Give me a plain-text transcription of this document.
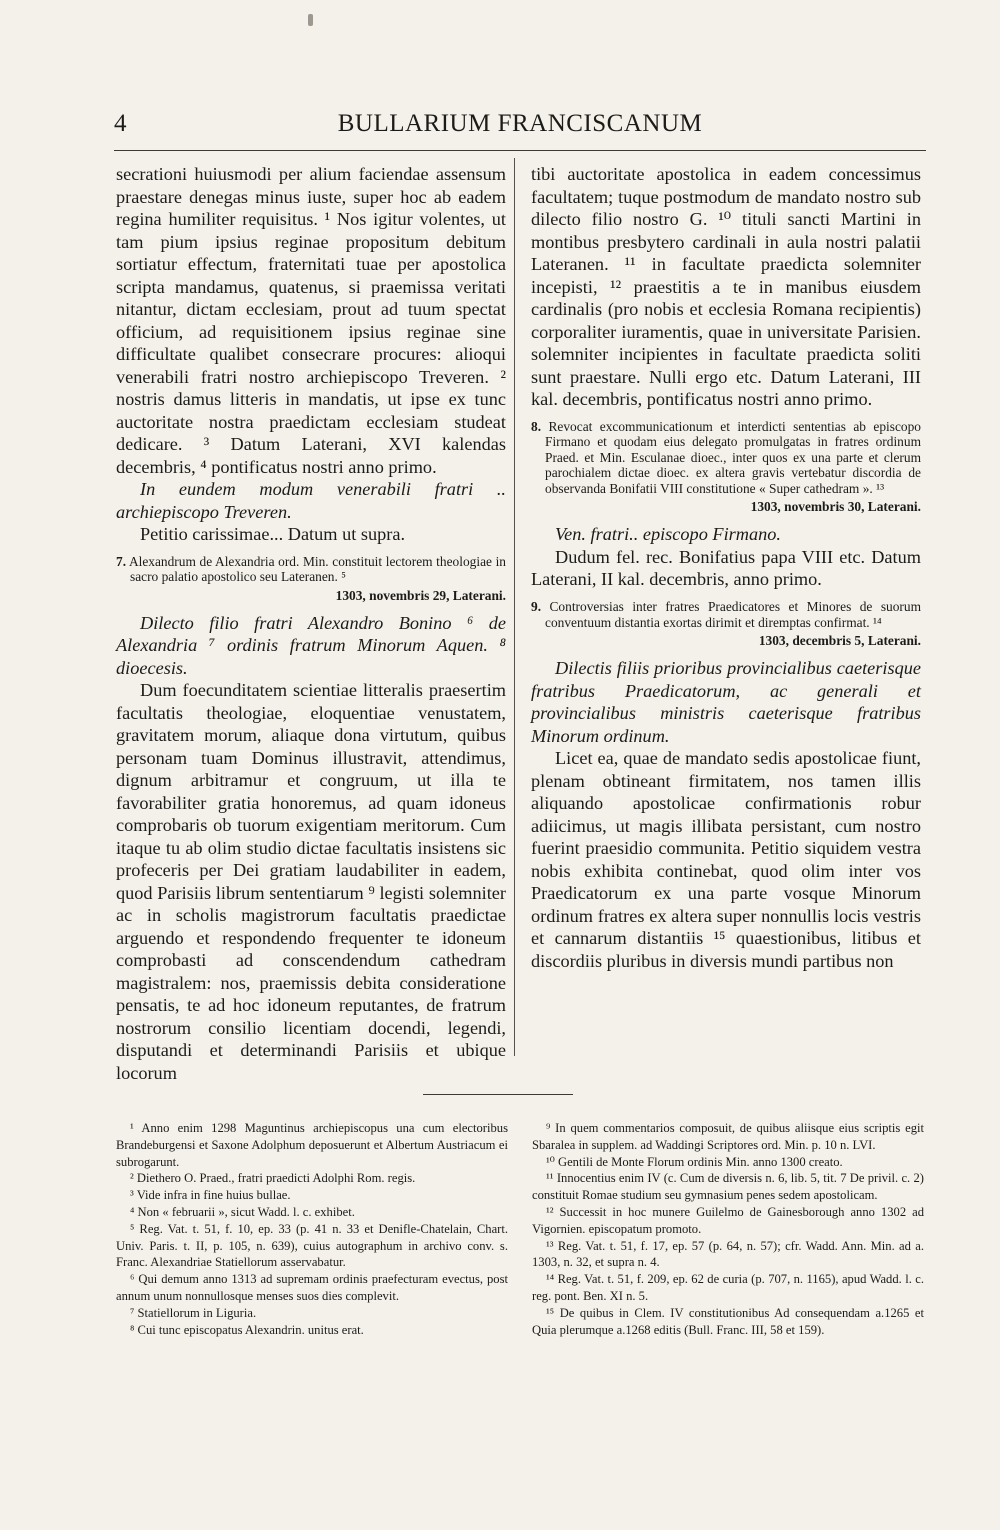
4	BULLARIUM FRANCISCANUM

secrationi huiusmodi per alium faciendae assensum praestare denegas minus iuste, super hoc ab eadem regina humiliter requisitus. ¹ Nos igitur volentes, ut tam pium ipsius reginae propositum debitum sortiatur effectum, fraternitati tuae per apostolica scripta mandamus, quatenus, si praemissa veritati nitantur, dictam ecclesiam, prout ad tuum spectat officium, ad requisitionem ipsius reginae sine difficultate qualibet consecrare procures: alioqui venerabili fratri nostro archiepiscopo Treveren. ² nostris damus litteris in mandatis, ut ipse ex tunc auctoritate nostra praedictam ecclesiam studeat dedicare. ³ Datum Laterani, XVI kalendas decembris, ⁴ pontificatus nostri anno primo.

In eundem modum venerabili fratri .. archiepiscopo Treveren.

Petitio carissimae... Datum ut supra.

7. Alexandrum de Alexandria ord. Min. constituit lectorem theologiae in sacro palatio apostolico seu Lateranen. ⁵
1303, novembris 29, Laterani.

Dilecto filio fratri Alexandro Bonino ⁶ de Alexandria ⁷ ordinis fratrum Minorum Aquen. ⁸ dioecesis.

Dum foecunditatem scientiae litteralis praesertim facultatis theologiae, eloquentiae venustatem, gravitatem morum, aliaque dona virtutum, quibus personam tuam Dominus illustravit, attendimus, dignum arbitramur et congruum, ut illa te favorabiliter gratia honoremus, ad quam idoneus comprobaris ob tuorum exigentiam meritorum. Cum itaque tu ab olim studio dictae facultatis insistens sic profeceris per Dei gratiam laudabiliter in eadem, quod Parisiis librum sententiarum ⁹ legisti solemniter ac in scholis magistrorum facultatis praedictae arguendo et respondendo frequenter te idoneum comprobasti ad conscendendum cathedram magistralem: nos, praemissis debita consideratione pensatis, te ad hoc idoneum reputantes, de fratrum nostrorum consilio licentiam docendi, legendi, disputandi et determinandi Parisiis et ubique locorum

tibi auctoritate apostolica in eadem concessimus facultatem; tuque postmodum de mandato nostro sub dilecto filio nostro G. ¹⁰ tituli sancti Martini in montibus presbytero cardinali in aula nostri palatii Lateranen. ¹¹ in facultate praedicta solemniter incepisti, ¹² praestitis a te in manibus eiusdem cardinalis (pro nobis et ecclesia Romana recipientis) corporaliter iuramentis, quae in universitate Parisien. solemniter incipientes in facultate praedicta soliti sunt praestare. Nulli ergo etc. Datum Laterani, III kal. decembris, pontificatus nostri anno primo.

8. Revocat excommunicationum et interdicti sententias ab episcopo Firmano et quodam eius delegato promulgatas in fratres ordinum Praed. et Min. Esculanae dioec., inter quos ex una parte et clerum parochialem dictae dioec. ex altera gravis vertebatur discordia de observanda Bonifatii VIII constitutione « Super cathedram ». ¹³
1303, novembris 30, Laterani.

Ven. fratri.. episcopo Firmano.

Dudum fel. rec. Bonifatius papa VIII etc. Datum Laterani, II kal. decembris, anno primo.

9. Controversias inter fratres Praedicatores et Minores de suorum conventuum distantia exortas dirimit et diremptas confirmat. ¹⁴
1303, decembris 5, Laterani.

Dilectis filiis prioribus provincialibus caeterisque fratribus Praedicatorum, ac generali et provincialibus ministris caeterisque fratribus Minorum ordinum.

Licet ea, quae de mandato sedis apostolicae fiunt, plenam obtineant firmitatem, nos tamen illis aliquando apostolicae confirmationis robur adiicimus, ut magis illibata persistant, cum nostro fuerint praesidio communita. Petitio siquidem vestra nobis exhibita continebat, quod olim inter vos Praedicatorum ex una parte vosque Minorum ordinum fratres ex altera super nonnullis locis vestris et cannarum distantiis ¹⁵ quaestionibus, litibus et discordiis pluribus in diversis mundi partibus non

¹ Anno enim 1298 Maguntinus archiepiscopus una cum electoribus Brandeburgensi et Saxone Adolphum deposuerunt et Albertum Austriacum ei subrogarunt.

² Diethero O. Praed., fratri praedicti Adolphi Rom. regis.

³ Vide infra in fine huius bullae.

⁴ Non « februarii », sicut Wadd. l. c. exhibet.

⁵ Reg. Vat. t. 51, f. 10, ep. 33 (p. 41 n. 33 et Denifle-Chatelain, Chart. Univ. Paris. t. II, p. 105, n. 639), cuius autographum in archivo conv. s. Franc. Alexandriae Statiellorum asservabatur.

⁶ Qui demum anno 1313 ad supremam ordinis praefecturam evectus, post annum unum nonnullosque menses suos dies complevit.

⁷ Statiellorum in Liguria.

⁸ Cui tunc episcopatus Alexandrin. unitus erat.

⁹ In quem commentarios composuit, de quibus aliisque eius scriptis egit Sbaralea in supplem. ad Waddingi Scriptores ord. Min. p. 10 n. LVI.

¹⁰ Gentili de Monte Florum ordinis Min. anno 1300 creato.

¹¹ Innocentius enim IV (c. Cum de diversis n. 6, lib. 5, tit. 7 De privil. c. 2) constituit Romae studium seu gymnasium penes sedem apostolicam.

¹² Successit in hoc munere Guilelmo de Gainesborough anno 1302 ad Vigornien. episcopatum promoto.

¹³ Reg. Vat. t. 51, f. 17, ep. 57 (p. 64, n. 57); cfr. Wadd. Ann. Min. ad a. 1303, n. 32, et supra n. 4.

¹⁴ Reg. Vat. t. 51, f. 209, ep. 62 de curia (p. 707, n. 1165), apud Wadd. l. c. reg. pont. Ben. XI n. 5.

¹⁵ De quibus in Clem. IV constitutionibus Ad consequendam a.1265 et Quia plerumque a.1268 editis (Bull. Franc. III, 58 et 159).
